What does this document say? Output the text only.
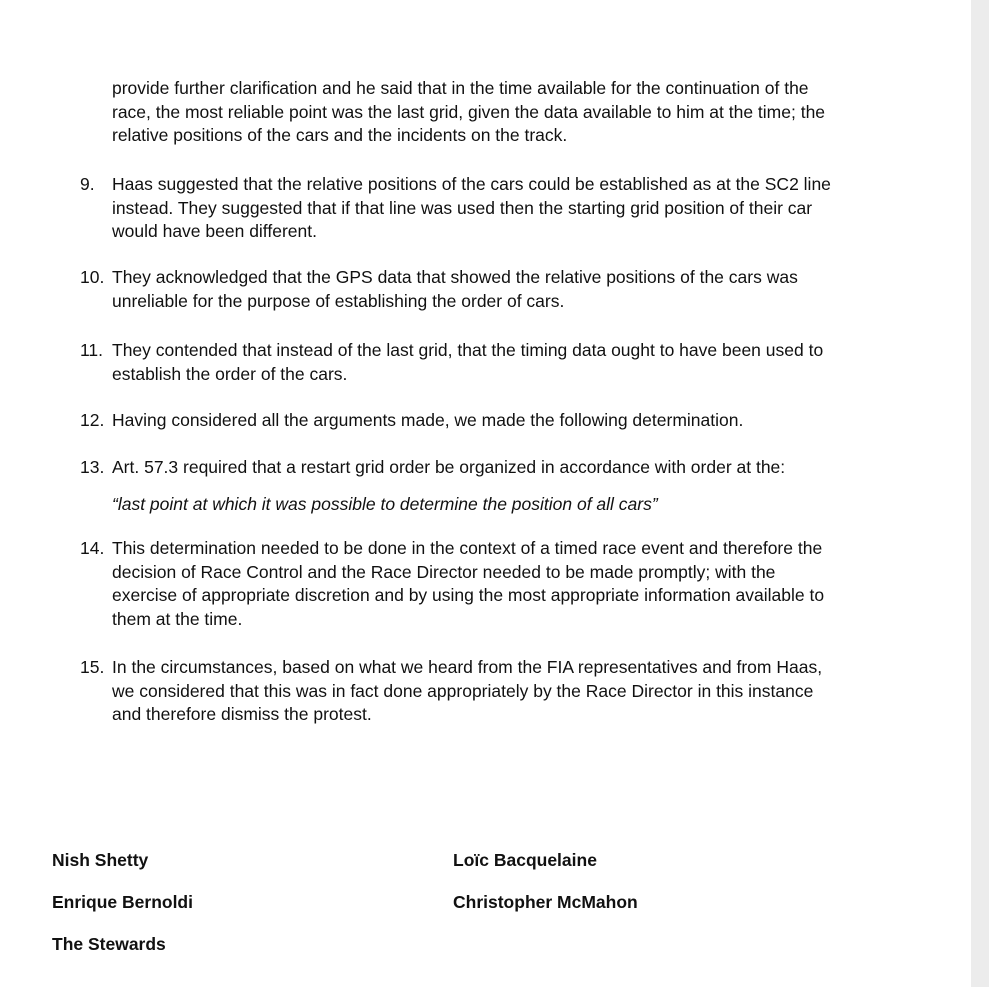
provide further clarification and he said that in the time available for the continuation of the
race, the most reliable point was the last grid, given the data available to him at the time; the
relative positions of the cars and the incidents on the track.

9. Haas suggested that the relative positions of the cars could be established as at the SC2 line
instead. They suggested that if that line was used then the starting grid position of their car
would have been different.

10. They acknowledged that the GPS data that showed the relative positions of the cars was
unreliable for the purpose of establishing the order of cars.

11. They contended that instead of the last grid, that the timing data ought to have been used to
establish the order of the cars.

12. Having considered all the arguments made, we made the following determination.

13. Art. 57.3 required that a restart grid order be organized in accordance with order at the:

“last point at which it was possible to determine the position of all cars”

14. This determination needed to be done in the context of a timed race event and therefore the
decision of Race Control and the Race Director needed to be made promptly; with the
exercise of appropriate discretion and by using the most appropriate information available to
them at the time.

15. In the circumstances, based on what we heard from the FIA representatives and from Haas,
we considered that this was in fact done appropriately by the Race Director in this instance
and therefore dismiss the protest.

Nish Shetty	Loïc Bacquelaine
Enrique Bernoldi	Christopher McMahon
The Stewards
